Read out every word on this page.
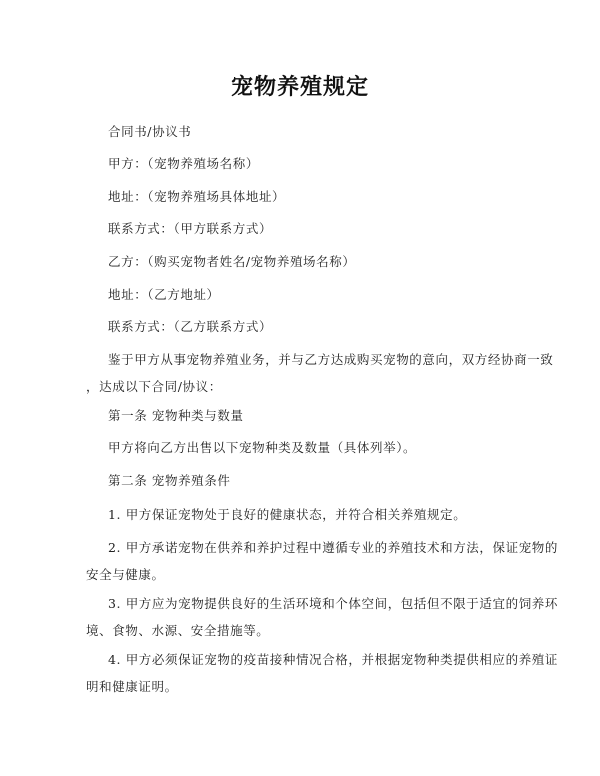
宠物养殖规定
合同书/协议书
甲方：（宠物养殖场名称）
地址：（宠物养殖场具体地址）
联系方式：（甲方联系方式）
乙方：（购买宠物者姓名/宠物养殖场名称）
地址：（乙方地址）
联系方式：（乙方联系方式）
鉴于甲方从事宠物养殖业务，并与乙方达成购买宠物的意向，双方经协商一致
，达成以下合同/协议：
第一条 宠物种类与数量
甲方将向乙方出售以下宠物种类及数量（具体列举）。
第二条 宠物养殖条件
1. 甲方保证宠物处于良好的健康状态，并符合相关养殖规定。
2. 甲方承诺宠物在供养和养护过程中遵循专业的养殖技术和方法，保证宠物的
安全与健康。
3. 甲方应为宠物提供良好的生活环境和个体空间，包括但不限于适宜的饲养环
境、食物、水源、安全措施等。
4. 甲方必须保证宠物的疫苗接种情况合格，并根据宠物种类提供相应的养殖证
明和健康证明。
